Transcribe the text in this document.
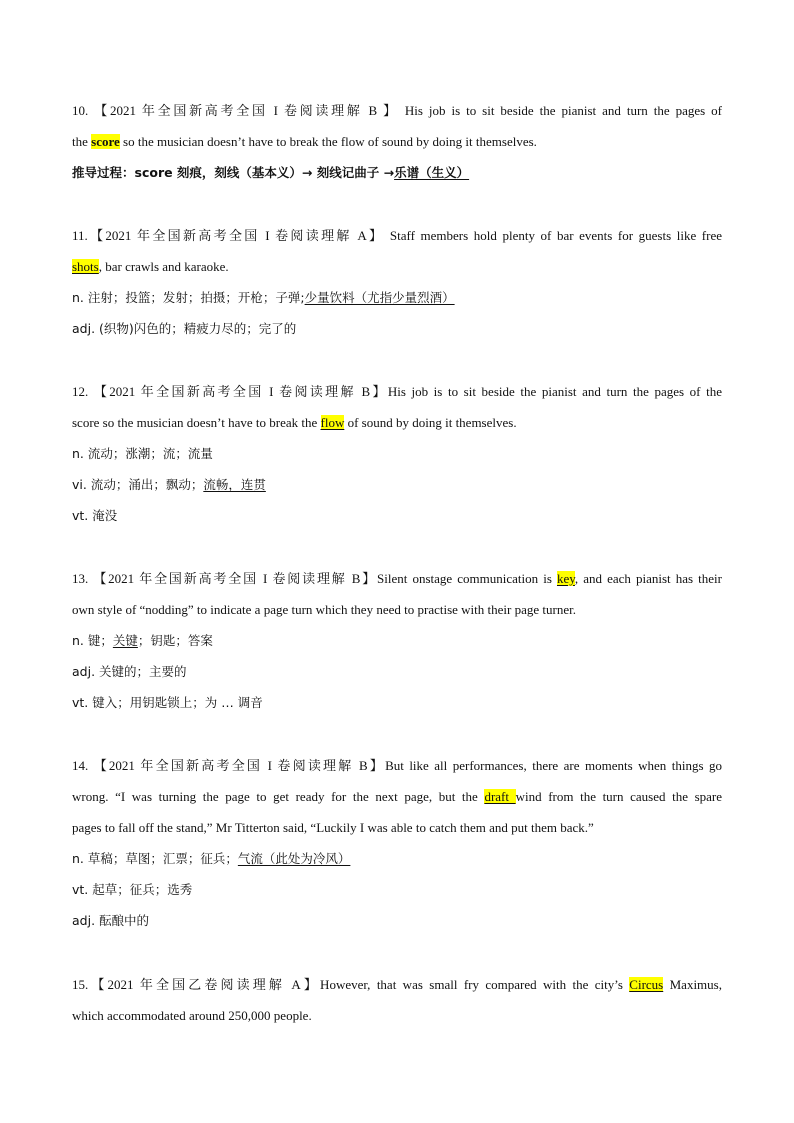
10. 【2021 年全国新高考全国 I 卷阅读理解 B 】 His job is to sit beside the pianist and turn the pages of
the score so the musician doesn’t have to break the flow of sound by doing it themselves.
推导过程：score 刻痕，刻线（基本义）→ 刻线记曲子 →乐谱（生义）
11.【2021 年全国新高考全国 I 卷阅读理解 A】 Staff members hold plenty of bar events for guests like free
shots, bar crawls and karaoke.
n. 注射；投篮；发射；拍摄；开枪；子弹;少量饮料（尤指少量烈酒）
adj. (织物)闪色的；精疲力尽的；完了的
12. 【2021 年全国新高考全国 I 卷阅读理解 B】His job is to sit beside the pianist and turn the pages of the
score so the musician doesn’t have to break the flow of sound by doing it themselves.
n. 流动；涨潮；流；流量
vi. 流动；涌出；飘动；流畅，连贯
vt. 淹没
13. 【2021 年全国新高考全国 I 卷阅读理解 B】Silent onstage communication is key, and each pianist has their
own style of “nodding” to indicate a page turn which they need to practise with their page turner.
n. 键；关键；钥匙；答案
adj. 关键的；主要的
vt. 键入；用钥匙锁上；为 … 调音
14. 【2021 年全国新高考全国 I 卷阅读理解 B】But like all performances, there are moments when things go
wrong. “I was turning the page to get ready for the next page, but the draft wind from the turn caused the spare
pages to fall off the stand,” Mr Titterton said, “Luckily I was able to catch them and put them back.”
n. 草稿；草图；汇票；征兵；气流（此处为冷风）
vt. 起草；征兵；选秀
adj. 酝酿中的
15.【2021 年全国乙卷阅读理解 A】However, that was small fry compared with the city’s Circus Maximus,
which accommodated around 250,000 people.
